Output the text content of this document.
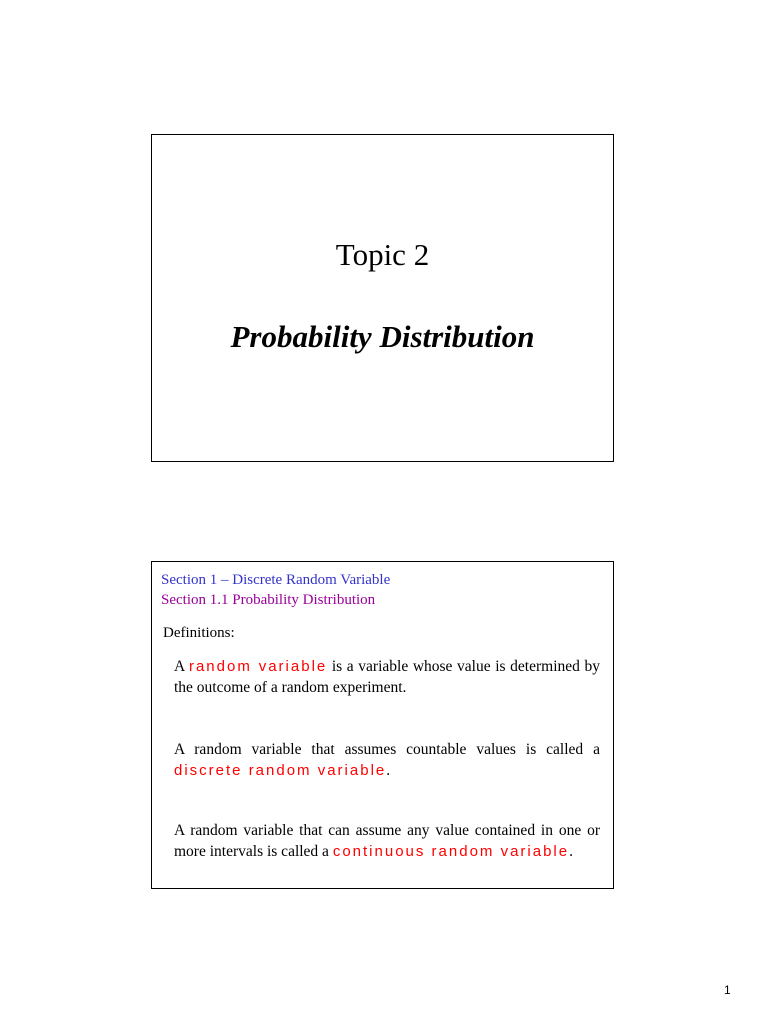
Topic 2
Probability Distribution
Section 1 – Discrete Random Variable
Section 1.1 Probability Distribution
Definitions:
A random variable is a variable whose value is determined by the outcome of a random experiment.
A random variable that assumes countable values is called a discrete random variable.
A random variable that can assume any value contained in one or more intervals is called a continuous random variable.
1
